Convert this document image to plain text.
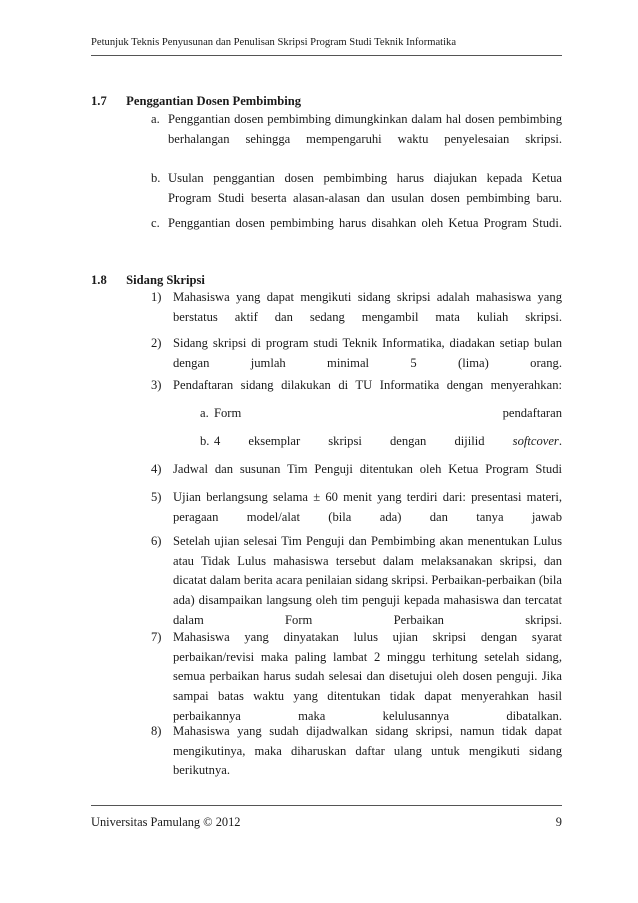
Petunjuk Teknis Penyusunan dan Penulisan Skripsi Program Studi Teknik Informatika
1.7 Penggantian Dosen Pembimbing
a. Penggantian dosen pembimbing dimungkinkan dalam hal dosen pembimbing berhalangan sehingga mempengaruhi waktu penyelesaian skripsi.
b. Usulan penggantian dosen pembimbing harus diajukan kepada Ketua Program Studi beserta alasan-alasan dan usulan dosen pembimbing baru.
c. Penggantian dosen pembimbing harus disahkan oleh Ketua Program Studi.
1.8 Sidang Skripsi
1) Mahasiswa yang dapat mengikuti sidang skripsi adalah mahasiswa yang berstatus aktif dan sedang mengambil mata kuliah skripsi.
2) Sidang skripsi di program studi Teknik Informatika, diadakan setiap bulan dengan jumlah minimal 5 (lima) orang.
3) Pendaftaran sidang dilakukan di TU Informatika dengan menyerahkan:
a. Form pendaftaran
b. 4 eksemplar skripsi dengan dijilid softcover.
4) Jadwal dan susunan Tim Penguji ditentukan oleh Ketua Program Studi
5) Ujian berlangsung selama ± 60 menit yang terdiri dari: presentasi materi, peragaan model/alat (bila ada) dan tanya jawab
6) Setelah ujian selesai Tim Penguji dan Pembimbing akan menentukan Lulus atau Tidak Lulus mahasiswa tersebut dalam melaksanakan skripsi, dan dicatat dalam berita acara penilaian sidang skripsi. Perbaikan-perbaikan (bila ada) disampaikan langsung oleh tim penguji kepada mahasiswa dan tercatat dalam Form Perbaikan skripsi.
7) Mahasiswa yang dinyatakan lulus ujian skripsi dengan syarat perbaikan/revisi maka paling lambat 2 minggu terhitung setelah sidang, semua perbaikan harus sudah selesai dan disetujui oleh dosen penguji. Jika sampai batas waktu yang ditentukan tidak dapat menyerahkan hasil perbaikannya maka kelulusannya dibatalkan.
8) Mahasiswa yang sudah dijadwalkan sidang skripsi, namun tidak dapat mengikutinya, maka diharuskan daftar ulang untuk mengikuti sidang berikutnya.
Universitas Pamulang © 2012	9
